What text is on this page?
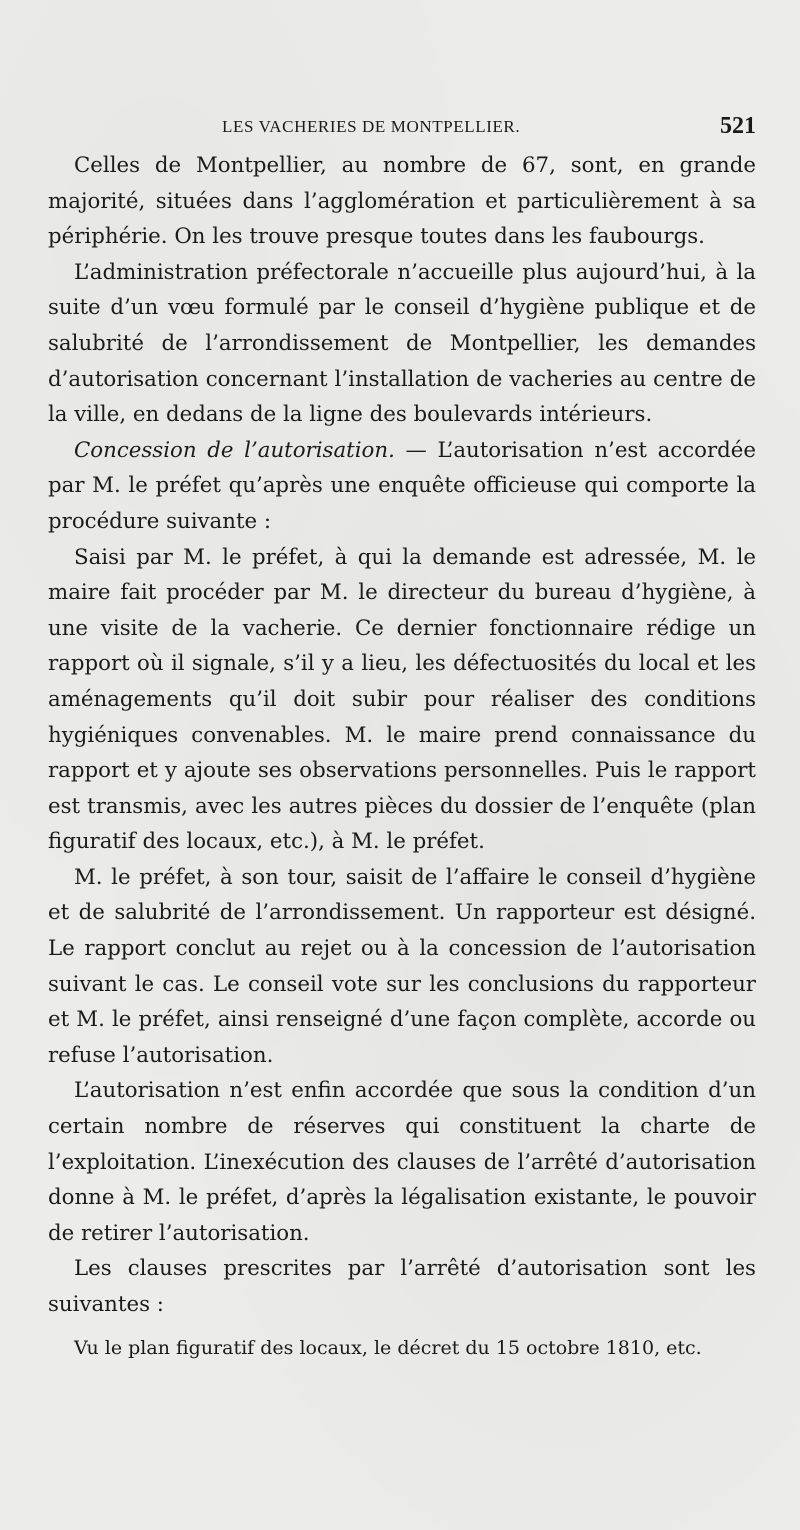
LES VACHERIES DE MONTPELLIER.	521

Celles de Montpellier, au nombre de 67, sont, en grande majorité, situées dans l’agglomération et particulièrement à sa périphérie. On les trouve presque toutes dans les faubourgs.

L’administration préfectorale n’accueille plus aujourd’hui, à la suite d’un vœu formulé par le conseil d’hygiène publique et de salubrité de l’arrondissement de Montpellier, les demandes d’autorisation concernant l’installation de vacheries au centre de la ville, en dedans de la ligne des boulevards intérieurs.

Concession de l’autorisation. — L’autorisation n’est accordée par M. le préfet qu’après une enquête officieuse qui comporte la procédure suivante :

Saisi par M. le préfet, à qui la demande est adressée, M. le maire fait procéder par M. le directeur du bureau d’hygiène, à une visite de la vacherie. Ce dernier fonctionnaire rédige un rapport où il signale, s’il y a lieu, les défectuosités du local et les aménagements qu’il doit subir pour réaliser des conditions hygiéniques convenables. M. le maire prend connaissance du rapport et y ajoute ses observations personnelles. Puis le rapport est transmis, avec les autres pièces du dossier de l’enquête (plan figuratif des locaux, etc.), à M. le préfet.

M. le préfet, à son tour, saisit de l’affaire le conseil d’hygiène et de salubrité de l’arrondissement. Un rapporteur est désigné. Le rapport conclut au rejet ou à la concession de l’autorisation suivant le cas. Le conseil vote sur les conclusions du rapporteur et M. le préfet, ainsi renseigné d’une façon complète, accorde ou refuse l’autorisation.

L’autorisation n’est enfin accordée que sous la condition d’un certain nombre de réserves qui constituent la charte de l’exploitation. L’inexécution des clauses de l’arrêté d’autorisation donne à M. le préfet, d’après la légalisation existante, le pouvoir de retirer l’autorisation.

Les clauses prescrites par l’arrêté d’autorisation sont les suivantes :

Vu le plan figuratif des locaux, le décret du 15 octobre 1810, etc.
